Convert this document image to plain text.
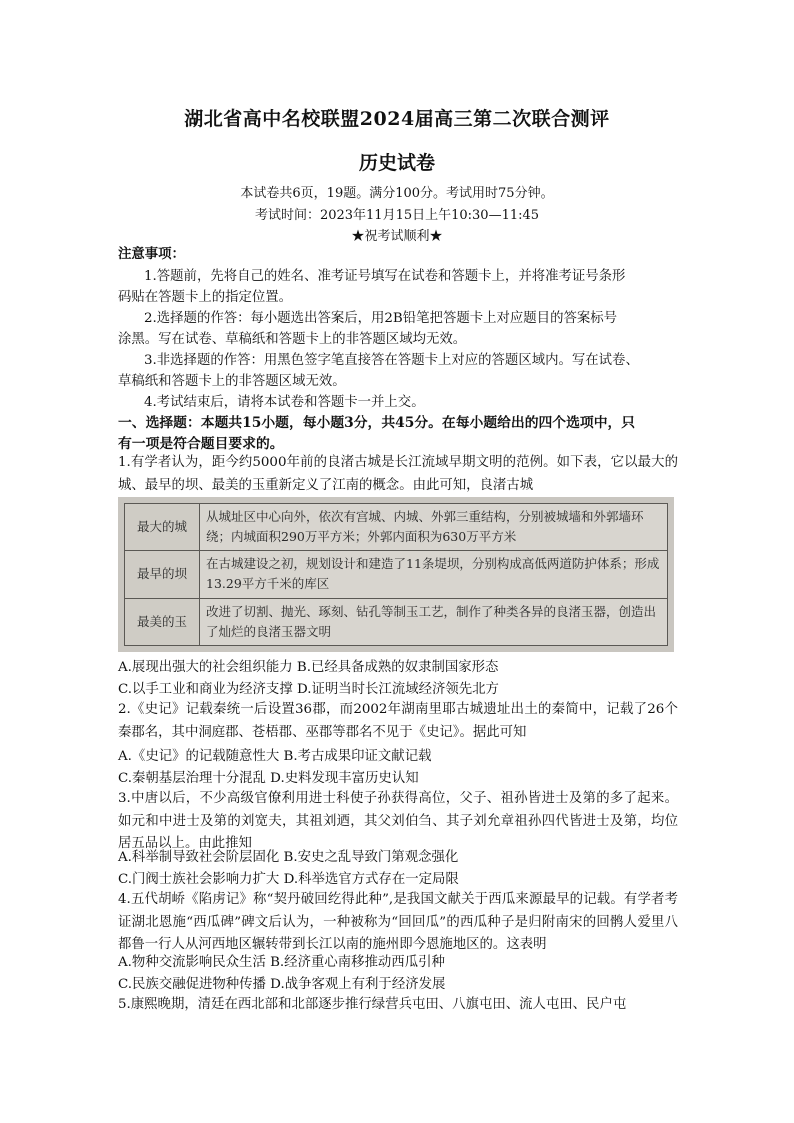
湖北省高中名校联盟2024届高三第二次联合测评
历史试卷
本试卷共6页，19题。满分100分。考试用时75分钟。
考试时间：2023年11月15日上午10:30—11:45
★祝考试顺利★
注意事项：
1.答题前，先将自己的姓名、准考证号填写在试卷和答题卡上，并将准考证号条形
码贴在答题卡上的指定位置。
2.选择题的作答：每小题选出答案后，用2B铅笔把答题卡上对应题目的答案标号
涂黑。写在试卷、草稿纸和答题卡上的非答题区域均无效。
3.非选择题的作答：用黑色签字笔直接答在答题卡上对应的答题区域内。写在试卷、
草稿纸和答题卡上的非答题区域无效。
4.考试结束后，请将本试卷和答题卡一并上交。
一、选择题：本题共15小题，每小题3分，共45分。在每小题给出的四个选项中，只
有一项是符合题目要求的。
1.有学者认为，距今约5000年前的良渚古城是长江流域早期文明的范例。如下表，它以最大的城、最早的坝、最美的玉重新定义了江南的概念。由此可知，良渚古城
最大的城	从城址区中心向外，依次有宫城、内城、外郭三重结构，分别被城墙和外郭墙环绕；内城面积290万平方米；外郭内面积为630万平方米
最早的坝	在古城建设之初，规划设计和建造了11条堤坝，分别构成高低两道防护体系；形成13.29平方千米的库区
最美的玉	改进了切割、抛光、琢刻、钻孔等制玉工艺，制作了种类各异的良渚玉器，创造出了灿烂的良渚玉器文明
A.展现出强大的社会组织能力 B.已经具备成熟的奴隶制国家形态
C.以手工业和商业为经济支撑 D.证明当时长江流域经济领先北方
2.《史记》记载秦统一后设置36郡，而2002年湖南里耶古城遗址出土的秦简中，记载了26个秦郡名，其中洞庭郡、苍梧郡、巫郡等郡名不见于《史记》。据此可知
A.《史记》的记载随意性大 B.考古成果印证文献记载
C.秦朝基层治理十分混乱 D.史料发现丰富历史认知
3.中唐以后，不少高级官僚利用进士科使子孙获得高位，父子、祖孙皆进士及第的多了起来。如元和中进士及第的刘宽夫，其祖刘迺，其父刘伯刍、其子刘允章祖孙四代皆进士及第，均位居五品以上。由此推知
A.科举制导致社会阶层固化 B.安史之乱导致门第观念强化
C.门阀士族社会影响力扩大 D.科举选官方式存在一定局限
4.五代胡峤《陷虏记》称“契丹破回纥得此种”,是我国文献关于西瓜来源最早的记载。有学者考证湖北恩施“西瓜碑”碑文后认为，一种被称为“回回瓜”的西瓜种子是归附南宋的回鹘人爱里八都鲁一行人从河西地区辗转带到长江以南的施州即今恩施地区的。这表明
A.物种交流影响民众生活 B.经济重心南移推动西瓜引种
C.民族交融促进物种传播 D.战争客观上有利于经济发展
5.康熙晚期，清廷在西北部和北部逐步推行绿营兵屯田、八旗屯田、流人屯田、民户屯
